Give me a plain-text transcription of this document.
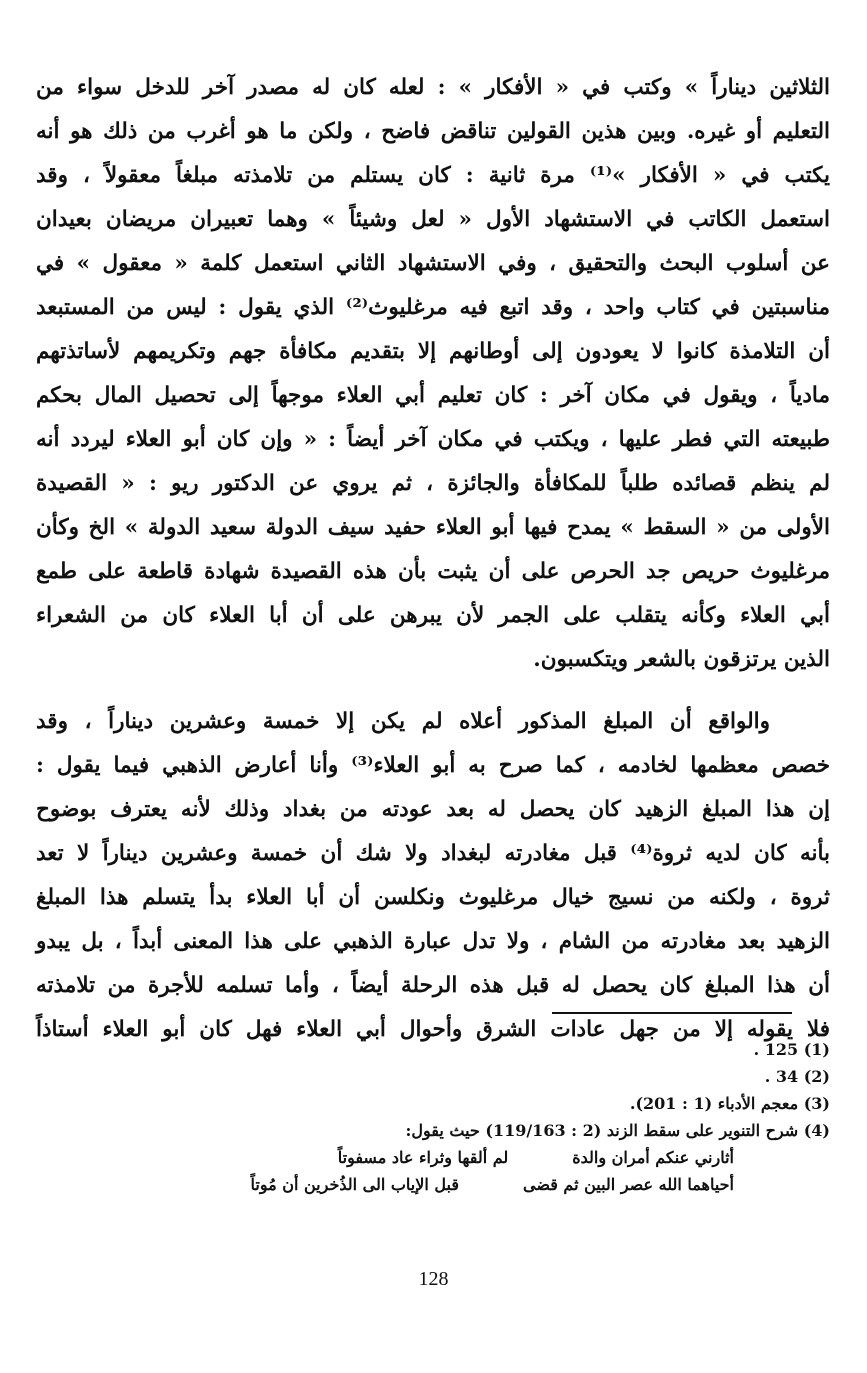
الثلاثين ديناراً » وكتب في « الأفكار » : لعله كان له مصدر آخر للدخل سواء من
التعليم أو غيره. وبين هذين القولين تناقض فاضح ، ولكن ما هو أغرب من ذلك هو أنه
يكتب في « الأفكار »⁽¹⁾ مرة ثانية : كان يستلم من تلامذته مبلغاً معقولاً ، وقد
استعمل الكاتب في الاستشهاد الأول « لعل وشيئاً » وهما تعبيران مريضان بعيدان
عن أسلوب البحث والتحقيق ، وفي الاستشهاد الثاني استعمل كلمة « معقول » في
مناسبتين في كتاب واحد ، وقد اتبع فيه مرغليوث⁽²⁾ الذي يقول : ليس من المستبعد
أن التلامذة كانوا لا يعودون إلى أوطانهم إلا بتقديم مكافأة جهم وتكريمهم لأساتذتهم
مادياً ، ويقول في مكان آخر : كان تعليم أبي العلاء موجهاً إلى تحصيل المال بحكم
طبيعته التي فطر عليها ، ويكتب في مكان آخر أيضاً : « وإن كان أبو العلاء ليردد أنه
لم ينظم قصائده طلباً للمكافأة والجائزة ، ثم يروي عن الدكتور ريو : « القصيدة
الأولى من « السقط » يمدح فيها أبو العلاء حفيد سيف الدولة سعيد الدولة » الخ وكأن
مرغليوث حريص جد الحرص على أن يثبت بأن هذه القصيدة شهادة قاطعة على طمع
أبي العلاء وكأنه يتقلب على الجمر لأن يبرهن على أن أبا العلاء كان من الشعراء
الذين يرتزقون بالشعر ويتكسبون.
والواقع أن المبلغ المذكور أعلاه لم يكن إلا خمسة وعشرين ديناراً ، وقد
خصص معظمها لخادمه ، كما صرح به أبو العلاء⁽³⁾ وأنا أعارض الذهبي فيما يقول :
إن هذا المبلغ الزهيد كان يحصل له بعد عودته من بغداد وذلك لأنه يعترف بوضوح
بأنه كان لديه ثروة⁽⁴⁾ قبل مغادرته لبغداد ولا شك أن خمسة وعشرين ديناراً لا تعد
ثروة ، ولكنه من نسيج خيال مرغليوث ونكلسن أن أبا العلاء بدأ يتسلم هذا المبلغ
الزهيد بعد مغادرته من الشام ، ولا تدل عبارة الذهبي على هذا المعنى أبداً ، بل يبدو
أن هذا المبلغ كان يحصل له قبل هذه الرحلة أيضاً ، وأما تسلمه للأجرة من تلامذته
فلا يقوله إلا من جهل عادات الشرق وأحوال أبي العلاء فهل كان أبو العلاء أستاذاً
(1) 125 .
(2) 34 .
(3) معجم الأدباء (1 : 201).
(4) شرح التنوير على سقط الزند (2 : 119/163) حيث يقول:
أثارني عنكم أمران والدة
لم ألقها وثراء عاد مسفوتاً
أحياهما الله عصر البين ثم قضى
قبل الإياب الى الذُخرين أن مُوتاً
128
